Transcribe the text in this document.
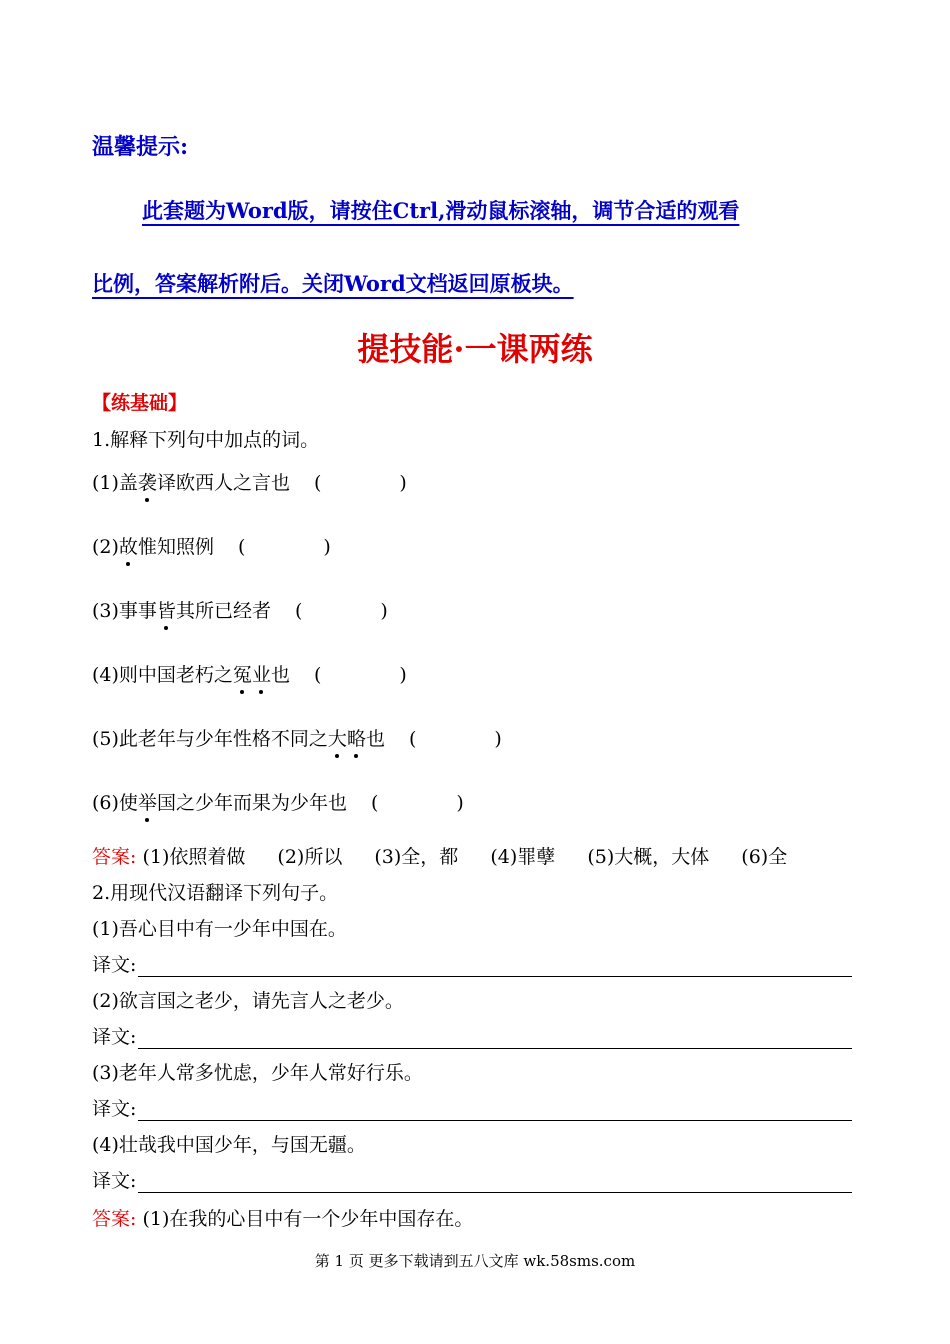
温馨提示:
此套题为Word版，请按住Ctrl,滑动鼠标滚轴，调节合适的观看
比例，答案解析附后。关闭Word文档返回原板块。
提技能·一课两练
【练基础】
1.解释下列句中加点的词。
(1)盖袭译欧西人之言也 (	)
(2)故惟知照例 (	)
(3)事事皆其所已经者 (	)
(4)则中国老朽之冤业也 (	)
(5)此老年与少年性格不同之大略也 (	)
(6)使举国之少年而果为少年也 (	)
答案: (1)依照着做 (2)所以 (3)全，都 (4)罪孽 (5)大概，大体 (6)全
2.用现代汉语翻译下列句子。
(1)吾心目中有一少年中国在。
译文:
(2)欲言国之老少，请先言人之老少。
译文:
(3)老年人常多忧虑，少年人常好行乐。
译文:
(4)壮哉我中国少年，与国无疆。
译文:
答案: (1)在我的心目中有一个少年中国存在。
第 1 页 更多下载请到五八文库 wk.58sms.com
